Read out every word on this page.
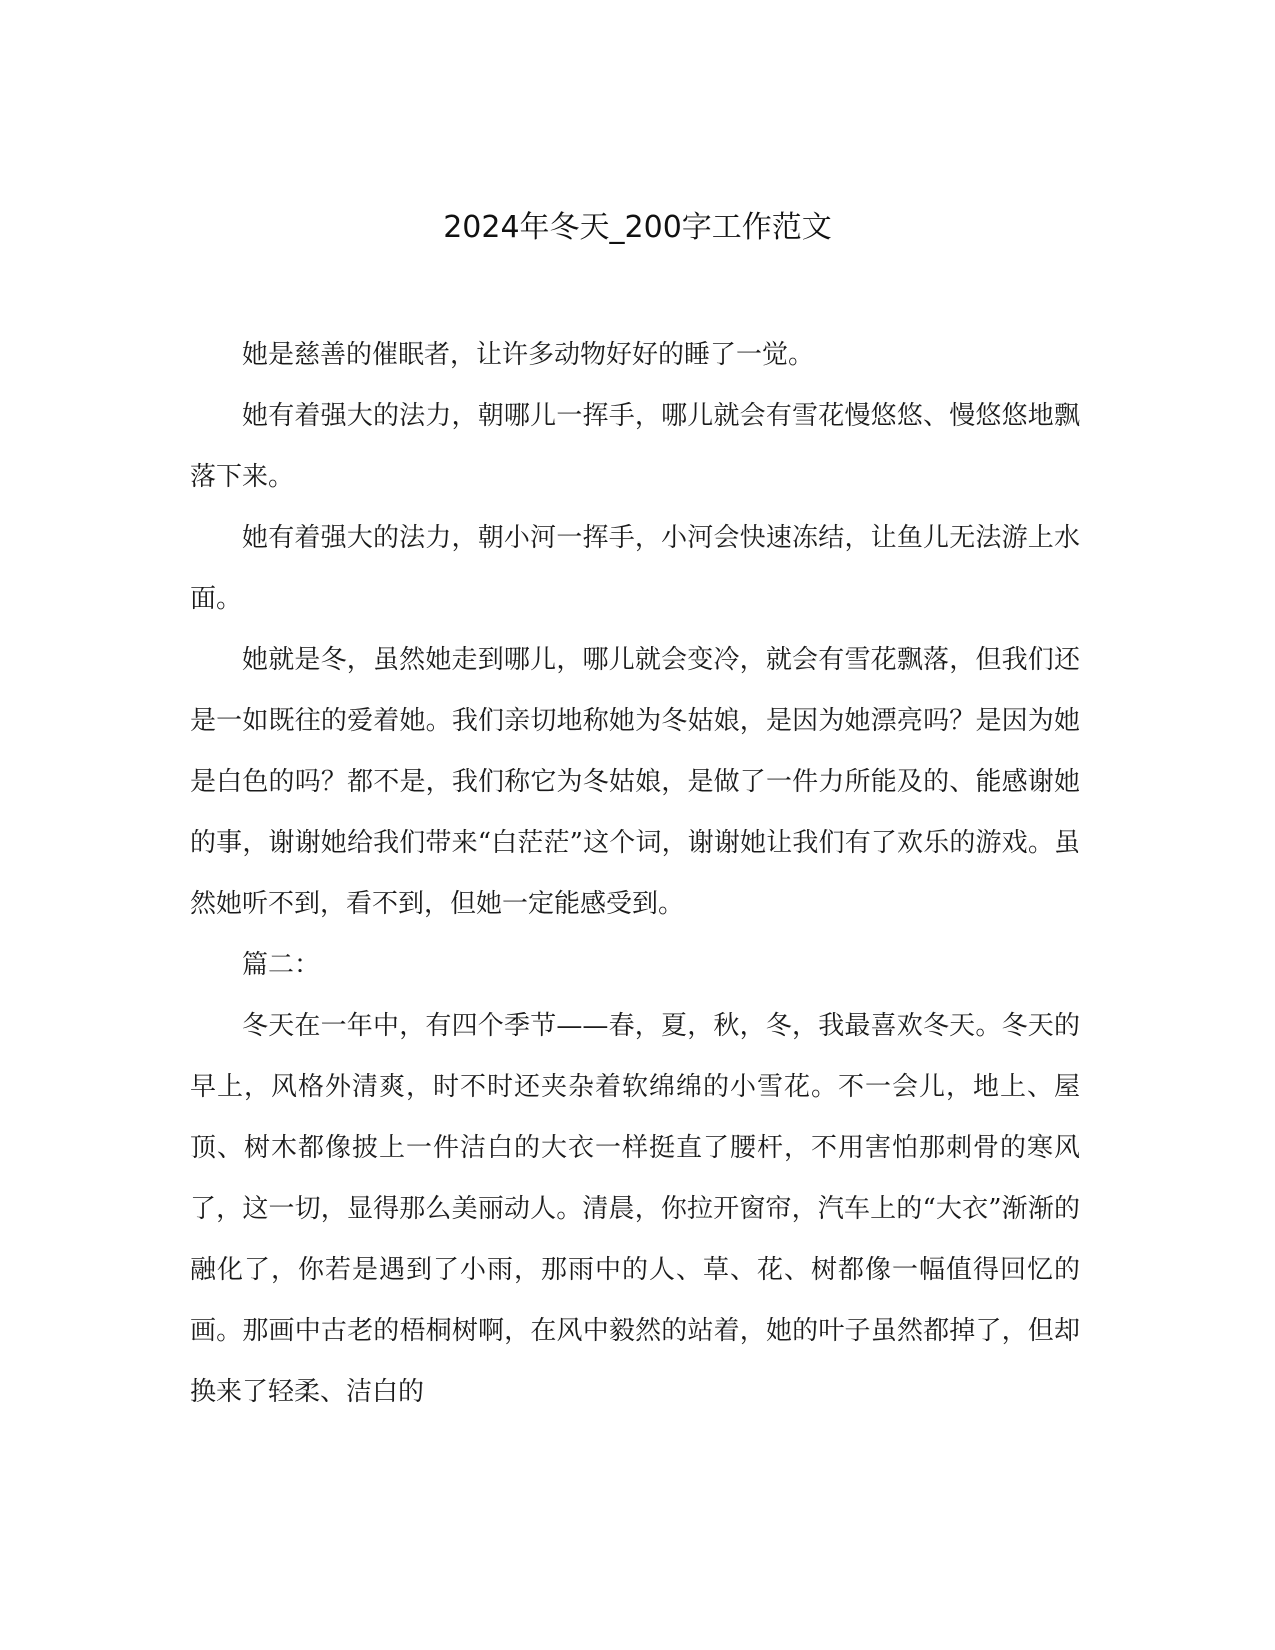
2024年冬天_200字工作范文

她是慈善的催眠者，让许多动物好好的睡了一觉。

她有着强大的法力，朝哪儿一挥手，哪儿就会有雪花慢悠悠、慢悠悠地飘落下来。

她有着强大的法力，朝小河一挥手，小河会快速冻结，让鱼儿无法游上水面。

她就是冬，虽然她走到哪儿，哪儿就会变冷，就会有雪花飘落，但我们还是一如既往的爱着她。我们亲切地称她为冬姑娘，是因为她漂亮吗？是因为她是白色的吗？都不是，我们称它为冬姑娘，是做了一件力所能及的、能感谢她的事，谢谢她给我们带来“白茫茫”这个词，谢谢她让我们有了欢乐的游戏。虽然她听不到，看不到，但她一定能感受到。

篇二：

冬天在一年中，有四个季节——春，夏，秋，冬，我最喜欢冬天。冬天的早上，风格外清爽，时不时还夹杂着软绵绵的小雪花。不一会儿，地上、屋顶、树木都像披上一件洁白的大衣一样挺直了腰杆，不用害怕那刺骨的寒风了，这一切，显得那么美丽动人。清晨，你拉开窗帘，汽车上的“大衣”渐渐的融化了，你若是遇到了小雨，那雨中的人、草、花、树都像一幅值得回忆的画。那画中古老的梧桐树啊，在风中毅然的站着，她的叶子虽然都掉了，但却换来了轻柔、洁白的
